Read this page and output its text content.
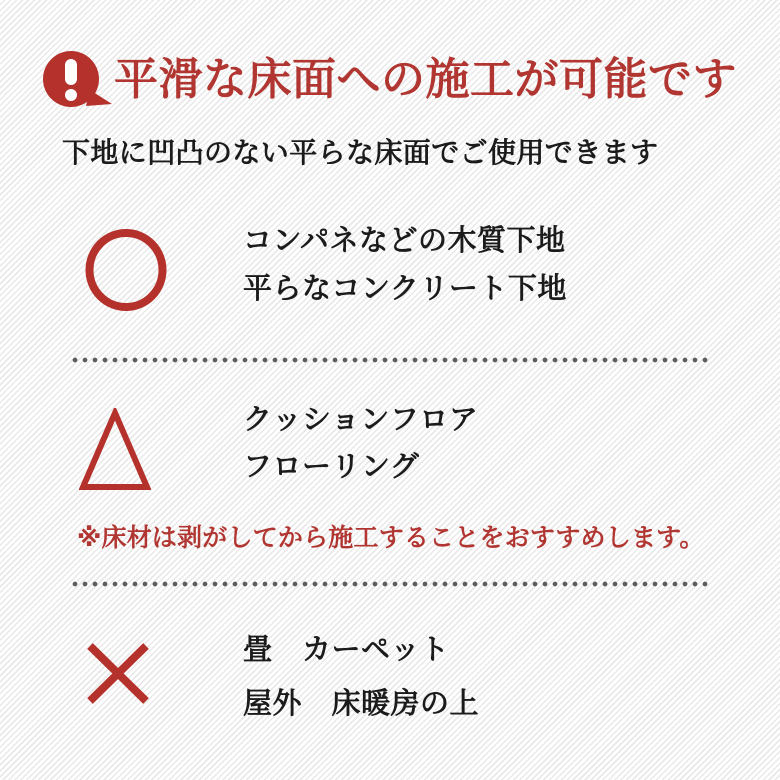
平滑な床面への施工が可能です

下地に凹凸のない平らな床面でご使用できます

コンパネなどの木質下地
平らなコンクリート下地
クッションフロア
フローリング

※床材は剥がしてから施工することをおすすめします。

畳　カーペット
屋外　床暖房の上
